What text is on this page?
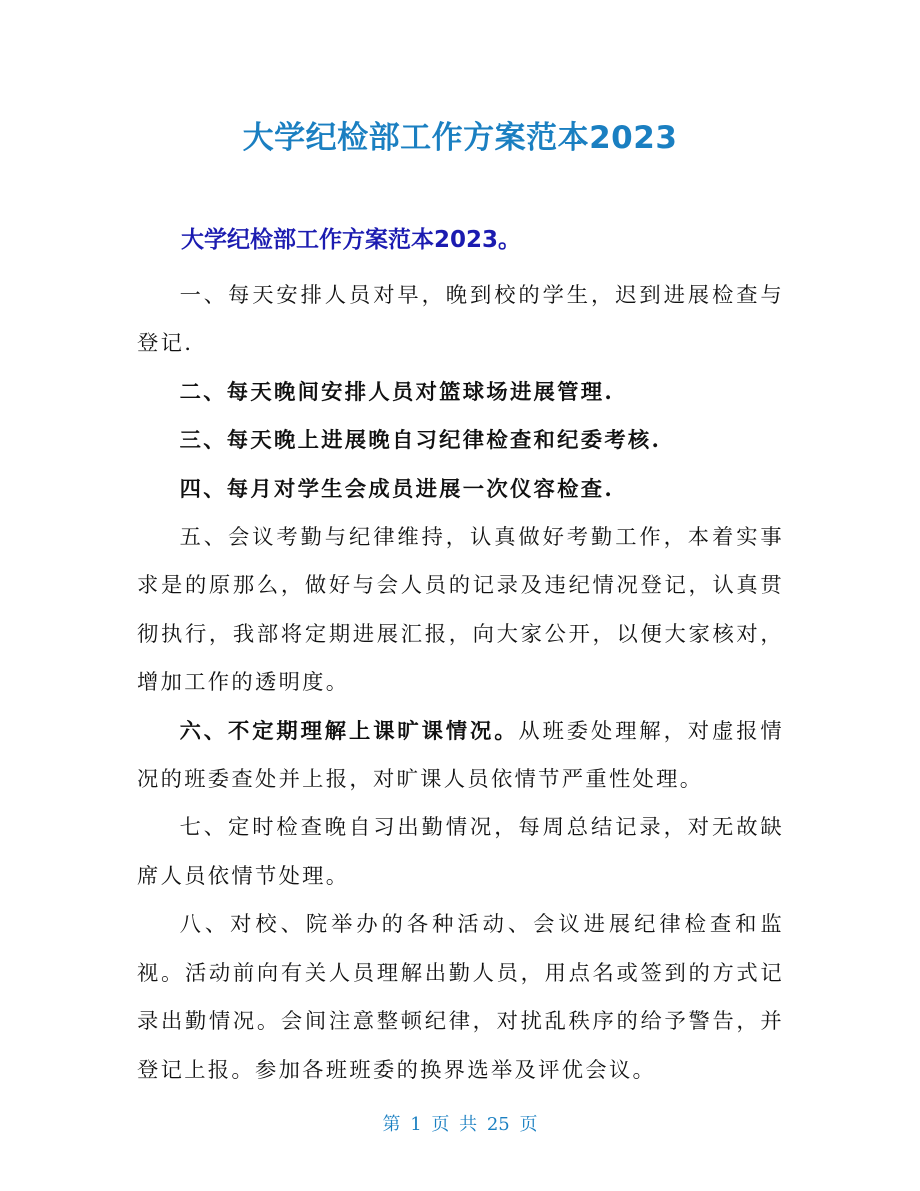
大学纪检部工作方案范本2023
大学纪检部工作方案范本2023。

一、每天安排人员对早，晚到校的学生，迟到进展检查与登记.

二、每天晚间安排人员对篮球场进展管理.

三、每天晚上进展晚自习纪律检查和纪委考核.

四、每月对学生会成员进展一次仪容检查.

五、会议考勤与纪律维持，认真做好考勤工作，本着实事求是的原那么，做好与会人员的记录及违纪情况登记，认真贯彻执行，我部将定期进展汇报，向大家公开，以便大家核对，增加工作的透明度。

六、不定期理解上课旷课情况。从班委处理解，对虚报情况的班委查处并上报，对旷课人员依情节严重性处理。

七、定时检查晚自习出勤情况，每周总结记录，对无故缺席人员依情节处理。

八、对校、院举办的各种活动、会议进展纪律检查和监视。活动前向有关人员理解出勤人员，用点名或签到的方式记录出勤情况。会间注意整顿纪律，对扰乱秩序的给予警告，并登记上报。参加各班班委的换界选举及评优会议。

第 1 页 共 25 页
